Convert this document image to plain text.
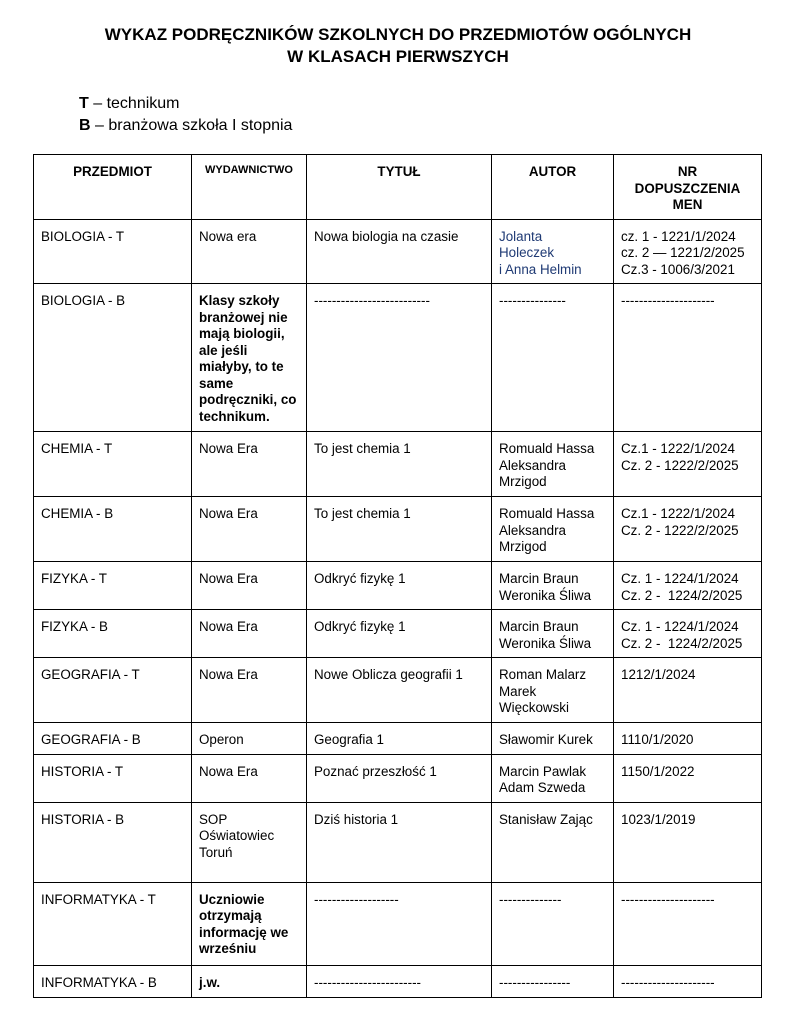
WYKAZ PODRĘCZNIKÓW SZKOLNYCH DO PRZEDMIOTÓW OGÓLNYCH
W KLASACH PIERWSZYCH
T – technikum
B – branżowa szkoła I stopnia
PRZEDMIOT	WYDAWNICTWO	TYTUŁ	AUTOR	NR
DOPUSZCZENIA
MEN

BIOLOGIA - T	Nowa era	Nowa biologia na czasie	Jolanta
Holeczek
i Anna Helmin	cz. 1 - 1221/1/2024
cz. 2 — 1221/2/2025
Cz.3 - 1006/3/2021

BIOLOGIA - B	Klasy szkoły branżowej nie mają biologii, ale jeśli miałyby, to te same podręczniki, co technikum.	--------------------------	---------------	---------------------

CHEMIA - T	Nowa Era	To jest chemia 1	Romuald Hassa
Aleksandra
Mrzigod	Cz.1 - 1222/1/2024
Cz. 2 - 1222/2/2025

CHEMIA - B	Nowa Era	To jest chemia 1	Romuald Hassa
Aleksandra
Mrzigod	Cz.1 - 1222/1/2024
Cz. 2 - 1222/2/2025

FIZYKA - T	Nowa Era	Odkryć fizykę 1	Marcin Braun
Weronika Śliwa	Cz. 1 - 1224/1/2024
Cz. 2 -  1224/2/2025

FIZYKA - B	Nowa Era	Odkryć fizykę 1	Marcin Braun
Weronika Śliwa	Cz. 1 - 1224/1/2024
Cz. 2 -  1224/2/2025

GEOGRAFIA - T	Nowa Era	Nowe Oblicza geografii 1	Roman Malarz
Marek
Więckowski	1212/1/2024

GEOGRAFIA - B	Operon	Geografia 1	Sławomir Kurek	1110/1/2020

HISTORIA - T	Nowa Era	Poznać przeszłość 1	Marcin Pawlak
Adam Szweda	1150/1/2022

HISTORIA - B	SOP
Oświatowiec
Toruń	Dziś historia 1	Stanisław Zając	1023/1/2019

INFORMATYKA - T	Uczniowie otrzymają informację we wrześniu	-------------------	--------------	---------------------

INFORMATYKA - B	j.w.	------------------------	----------------	---------------------
